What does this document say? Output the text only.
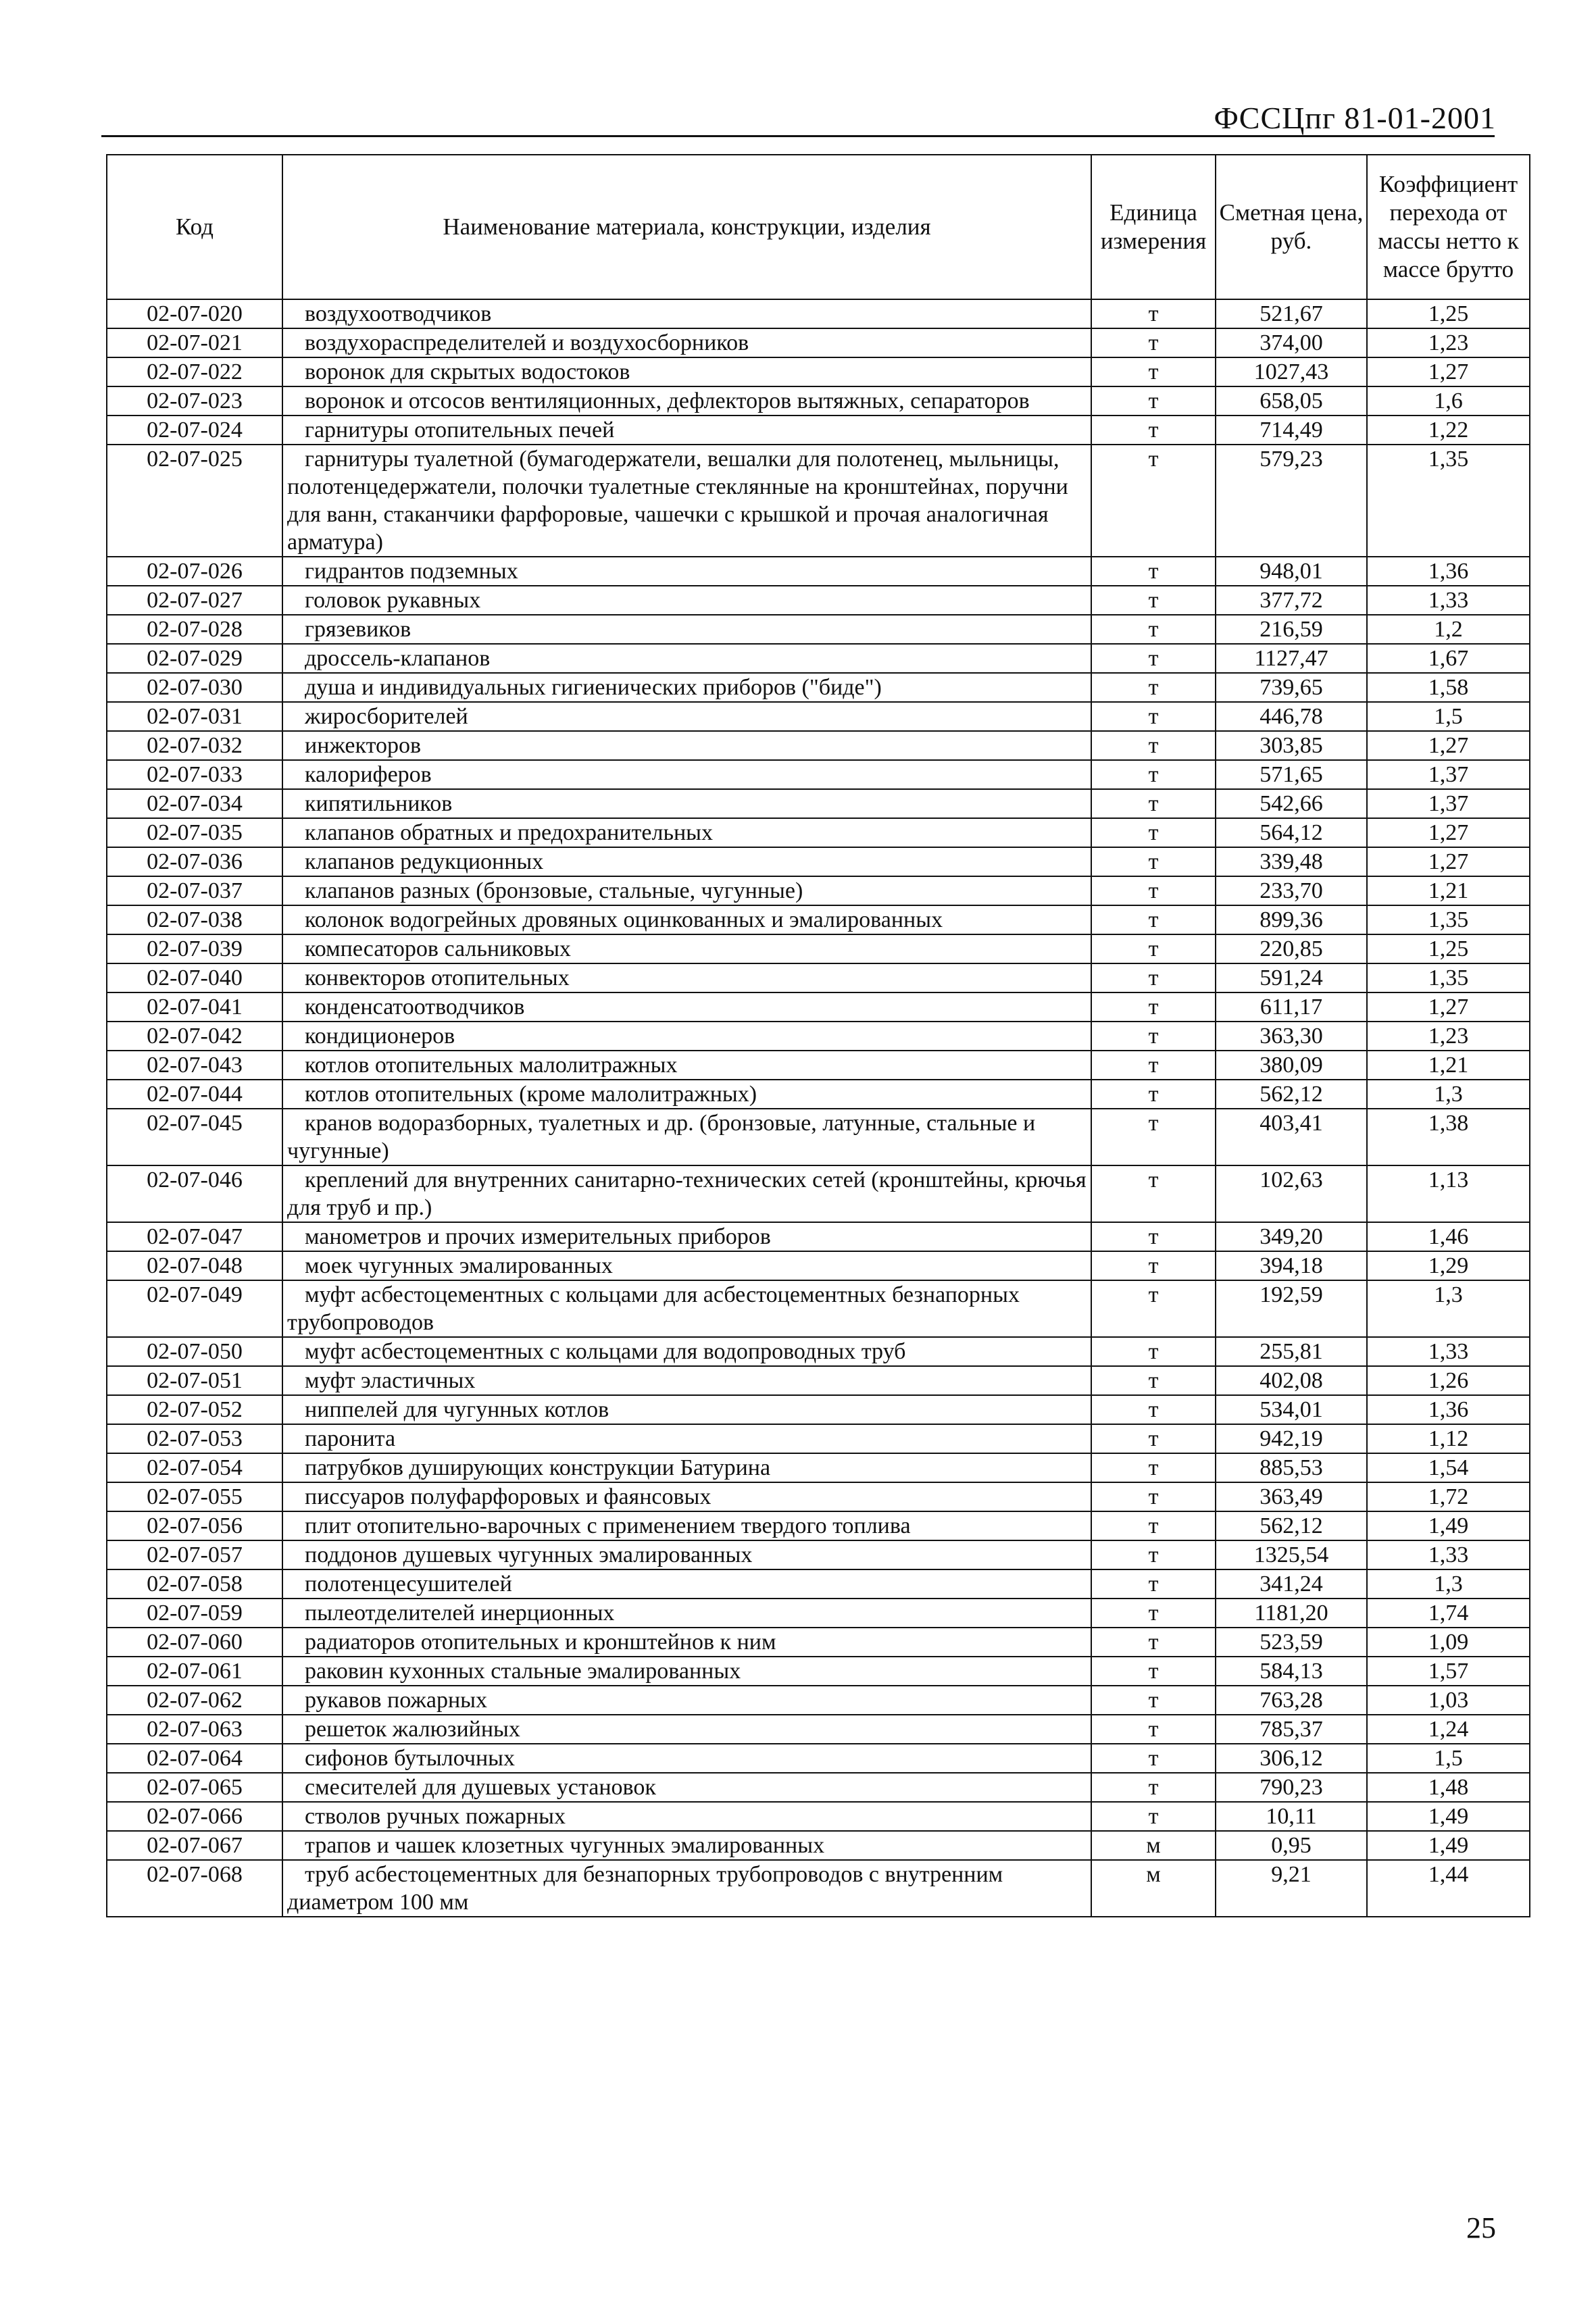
ФССЦпг 81-01-2001
Код	Наименование материала, конструкции, изделия	Единица измерения	Сметная цена, руб.	Коэффициент перехода от массы нетто к массе брутто
02-07-020	воздухоотводчиков	т	521,67	1,25
02-07-021	воздухораспределителей и воздухосборников	т	374,00	1,23
02-07-022	воронок для скрытых водостоков	т	1027,43	1,27
02-07-023	воронок и отсосов вентиляционных, дефлекторов вытяжных, сепараторов	т	658,05	1,6
02-07-024	гарнитуры отопительных печей	т	714,49	1,22
02-07-025	гарнитуры туалетной (бумагодержатели, вешалки для полотенец, мыльницы, полотенцедержатели, полочки туалетные стеклянные на кронштейнах, поручни для ванн, стаканчики фарфоровые, чашечки с крышкой и прочая аналогичная арматура)	т	579,23	1,35
02-07-026	гидрантов подземных	т	948,01	1,36
02-07-027	головок рукавных	т	377,72	1,33
02-07-028	грязевиков	т	216,59	1,2
02-07-029	дроссель-клапанов	т	1127,47	1,67
02-07-030	душа и индивидуальных гигиенических приборов ("биде")	т	739,65	1,58
02-07-031	жиросборителей	т	446,78	1,5
02-07-032	инжекторов	т	303,85	1,27
02-07-033	калориферов	т	571,65	1,37
02-07-034	кипятильников	т	542,66	1,37
02-07-035	клапанов обратных и предохранительных	т	564,12	1,27
02-07-036	клапанов редукционных	т	339,48	1,27
02-07-037	клапанов разных (бронзовые, стальные, чугунные)	т	233,70	1,21
02-07-038	колонок водогрейных дровяных оцинкованных и эмалированных	т	899,36	1,35
02-07-039	компесаторов сальниковых	т	220,85	1,25
02-07-040	конвекторов отопительных	т	591,24	1,35
02-07-041	конденсатоотводчиков	т	611,17	1,27
02-07-042	кондиционеров	т	363,30	1,23
02-07-043	котлов отопительных малолитражных	т	380,09	1,21
02-07-044	котлов отопительных (кроме малолитражных)	т	562,12	1,3
02-07-045	кранов водоразборных, туалетных и др. (бронзовые, латунные, стальные и чугунные)	т	403,41	1,38
02-07-046	креплений для внутренних санитарно-технических сетей (кронштейны, крючья для труб и пр.)	т	102,63	1,13
02-07-047	манометров и прочих измерительных приборов	т	349,20	1,46
02-07-048	моек чугунных эмалированных	т	394,18	1,29
02-07-049	муфт асбестоцементных с кольцами для асбестоцементных безнапорных трубопроводов	т	192,59	1,3
02-07-050	муфт асбестоцементных с кольцами для водопроводных труб	т	255,81	1,33
02-07-051	муфт эластичных	т	402,08	1,26
02-07-052	ниппелей для чугунных котлов	т	534,01	1,36
02-07-053	паронита	т	942,19	1,12
02-07-054	патрубков душирующих конструкции Батурина	т	885,53	1,54
02-07-055	писсуаров полуфарфоровых и фаянсовых	т	363,49	1,72
02-07-056	плит отопительно-варочных с применением твердого топлива	т	562,12	1,49
02-07-057	поддонов душевых чугунных эмалированных	т	1325,54	1,33
02-07-058	полотенцесушителей	т	341,24	1,3
02-07-059	пылеотделителей инерционных	т	1181,20	1,74
02-07-060	радиаторов отопительных и кронштейнов к ним	т	523,59	1,09
02-07-061	раковин кухонных стальные эмалированных	т	584,13	1,57
02-07-062	рукавов пожарных	т	763,28	1,03
02-07-063	решеток жалюзийных	т	785,37	1,24
02-07-064	сифонов бутылочных	т	306,12	1,5
02-07-065	смесителей для душевых установок	т	790,23	1,48
02-07-066	стволов ручных пожарных	т	10,11	1,49
02-07-067	трапов и чашек клозетных чугунных эмалированных	м	0,95	1,49
02-07-068	труб асбестоцементных для безнапорных трубопроводов с внутренним диаметром 100 мм	м	9,21	1,44
25
